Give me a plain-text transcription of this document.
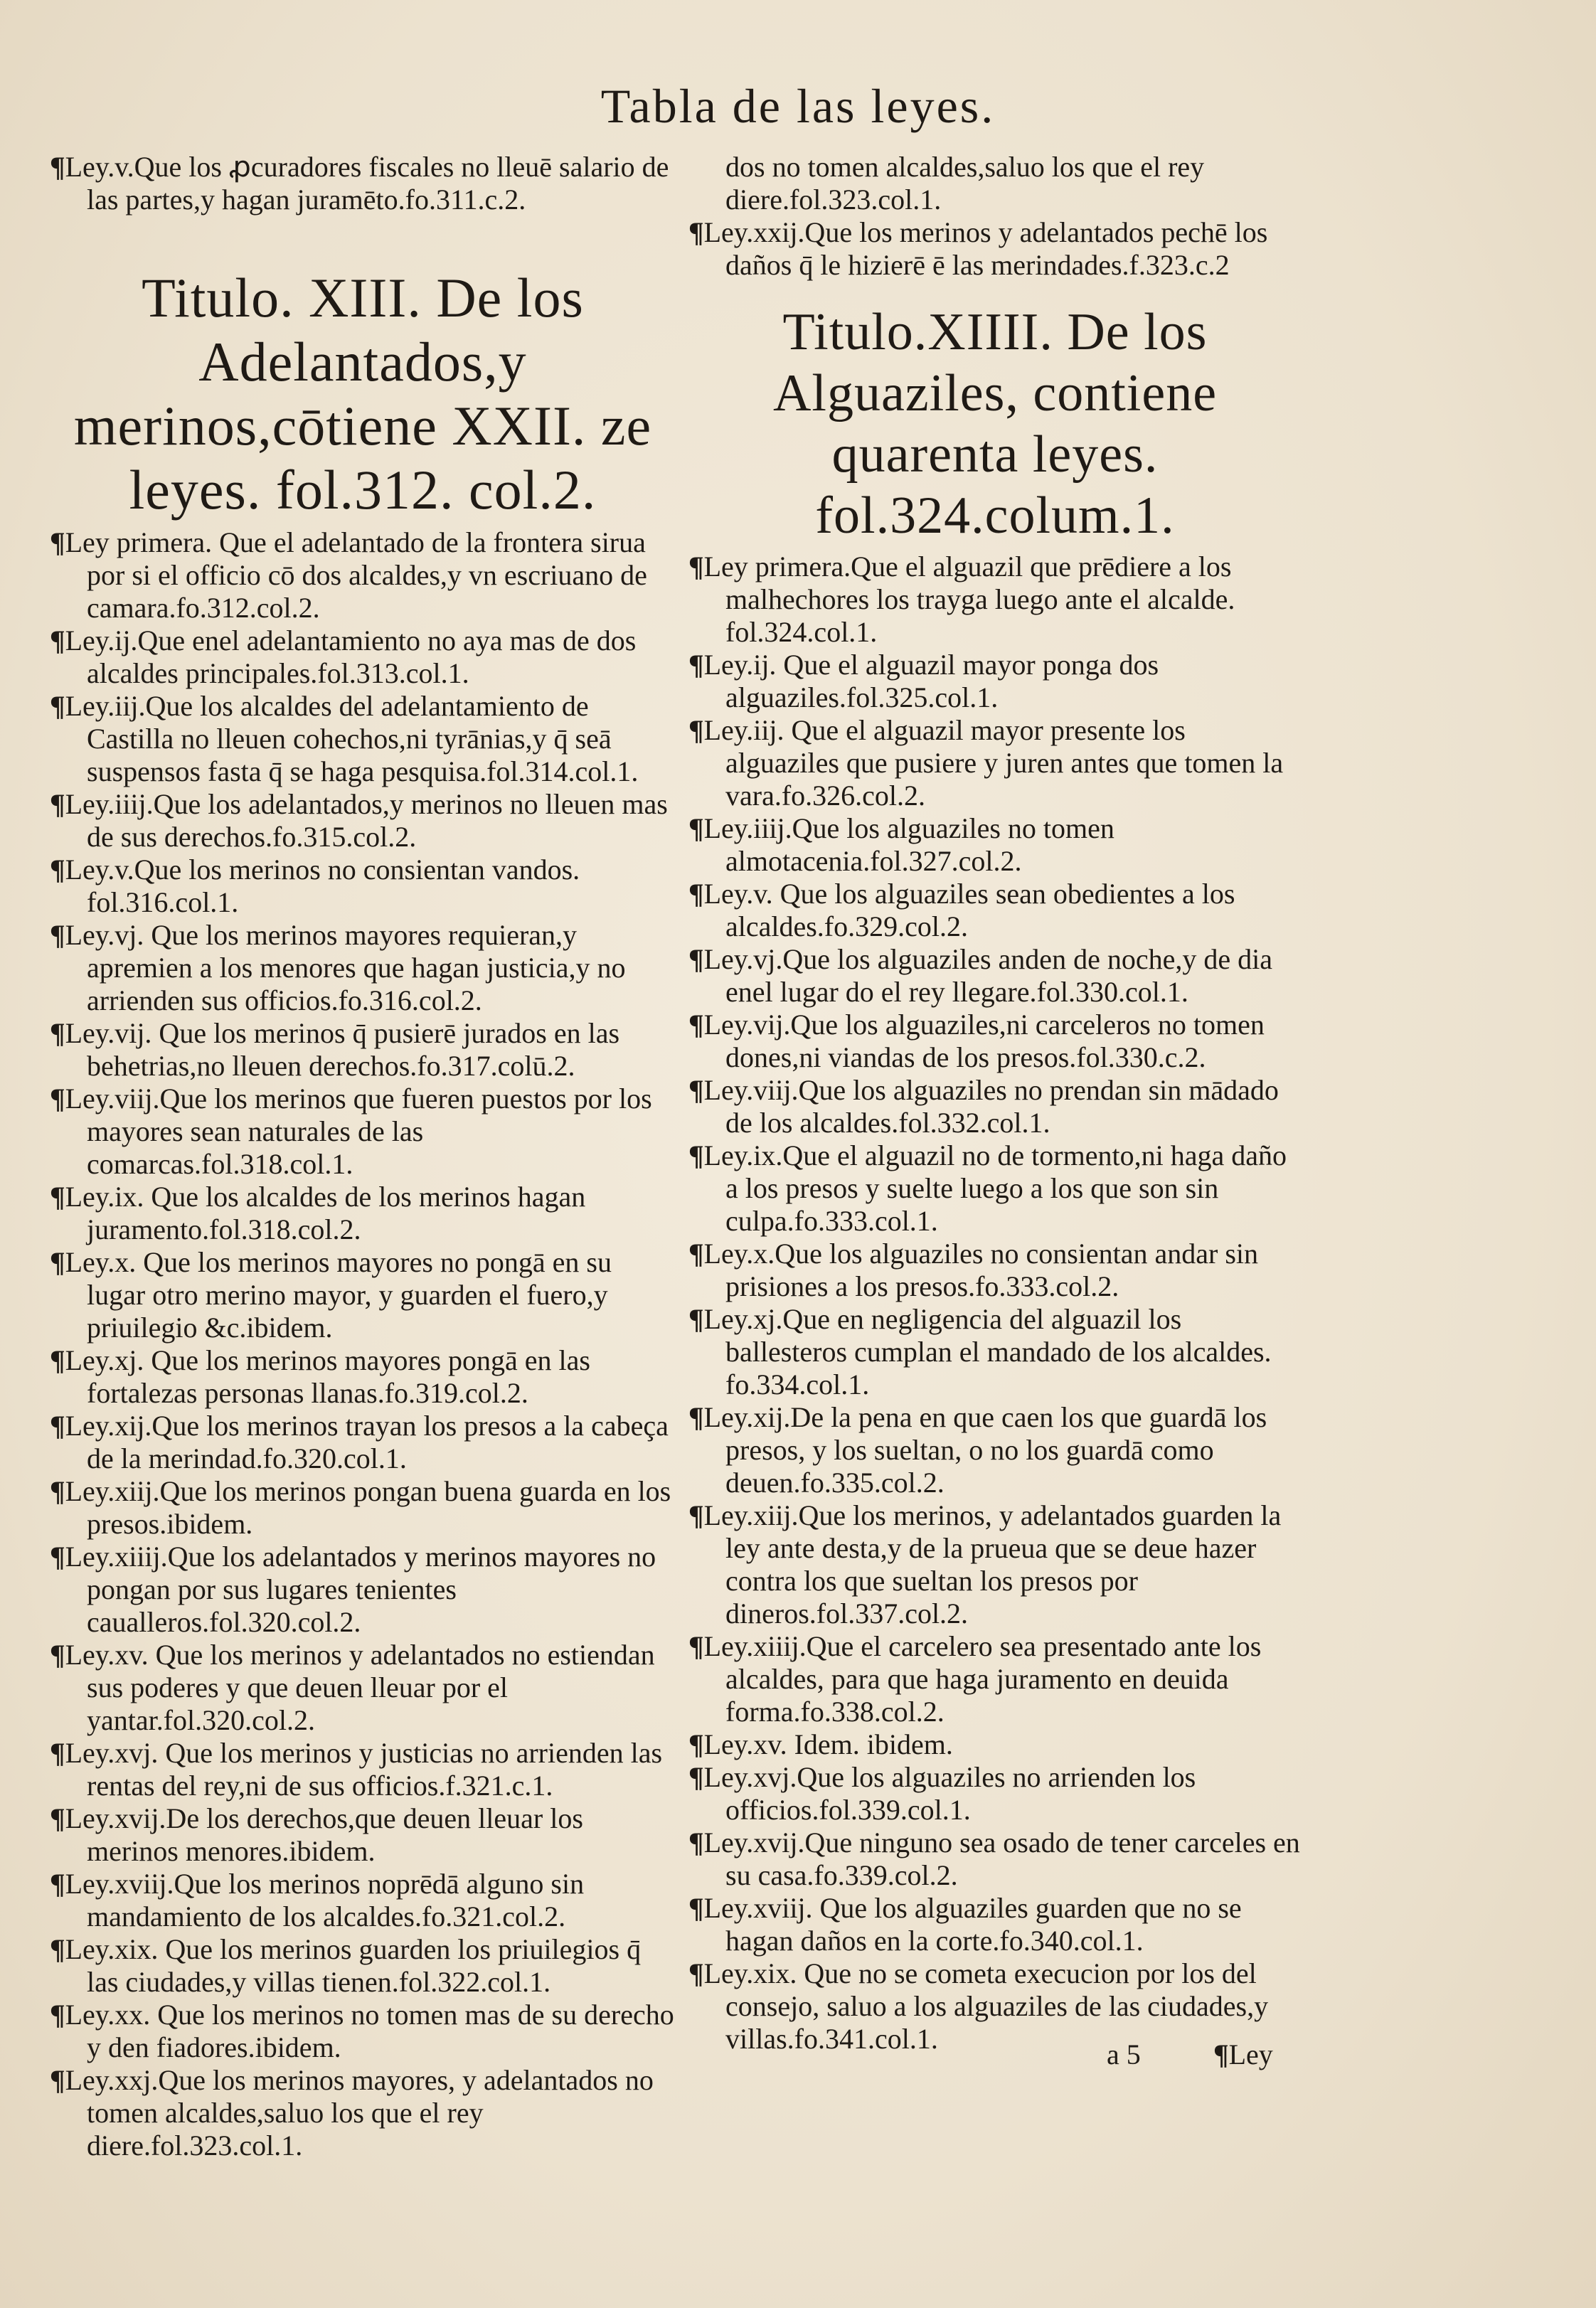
Tabla de las leyes.
¶Ley.v.Que los ꝓcuradores fiscales no lleuē salario de las partes,y hagan juramēto.fo.311.c.2.
Titulo. XIII. De los Adelantados,y merinos,cōtiene XXII. ze leyes. fol.312. col.2.
¶Ley primera. Que el adelantado de la frontera sirua por si el officio cō dos alcaldes,y vn escriuano de camara.fo.312.col.2.
¶Ley.ij.Que enel adelantamiento no aya mas de dos alcaldes principales.fol.313.col.1.
¶Ley.iij.Que los alcaldes del adelantamiento de Castilla no lleuen cohechos,ni tyrānias,y q̄ seā suspensos fasta q̄ se haga pesquisa.fol.314.col.1.
¶Ley.iiij.Que los adelantados,y merinos no lleuen mas de sus derechos.fo.315.col.2.
¶Ley.v.Que los merinos no consientan vandos. fol.316.col.1.
¶Ley.vj. Que los merinos mayores requieran,y apremien a los menores que hagan justicia,y no arrienden sus officios.fo.316.col.2.
¶Ley.vij. Que los merinos q̄ pusierē jurados en las behetrias,no lleuen derechos.fo.317.colū.2.
¶Ley.viij.Que los merinos que fueren puestos por los mayores sean naturales de las comarcas.fol.318.col.1.
¶Ley.ix. Que los alcaldes de los merinos hagan juramento.fol.318.col.2.
¶Ley.x. Que los merinos mayores no pongā en su lugar otro merino mayor, y guarden el fuero,y priuilegio &c.ibidem.
¶Ley.xj. Que los merinos mayores pongā en las fortalezas personas llanas.fo.319.col.2.
¶Ley.xij.Que los merinos trayan los presos a la cabeça de la merindad.fo.320.col.1.
¶Ley.xiij.Que los merinos pongan buena guarda en los presos.ibidem.
¶Ley.xiiij.Que los adelantados y merinos mayores no pongan por sus lugares tenientes caualleros.fol.320.col.2.
¶Ley.xv. Que los merinos y adelantados no estiendan sus poderes y que deuen lleuar por el yantar.fol.320.col.2.
¶Ley.xvj. Que los merinos y justicias no arrienden las rentas del rey,ni de sus officios.f.321.c.1.
¶Ley.xvij.De los derechos,que deuen lleuar los merinos menores.ibidem.
¶Ley.xviij.Que los merinos noprēdā alguno sin mandamiento de los alcaldes.fo.321.col.2.
¶Ley.xix. Que los merinos guarden los priuilegios q̄ las ciudades,y villas tienen.fol.322.col.1.
¶Ley.xx. Que los merinos no tomen mas de su derecho y den fiadores.ibidem.
¶Ley.xxj.Que los merinos mayores, y adelantados no tomen alcaldes,saluo los que el rey diere.fol.323.col.1.
dos no tomen alcaldes,saluo los que el rey diere.fol.323.col.1.
¶Ley.xxij.Que los merinos y adelantados pechē los daños q̄ le hizierē ē las merindades.f.323.c.2
Titulo.XIIII. De los Alguaziles, contiene quarenta leyes. fol.324.colum.1.
¶Ley primera.Que el alguazil que prēdiere a los malhechores los trayga luego ante el alcalde. fol.324.col.1.
¶Ley.ij. Que el alguazil mayor ponga dos alguaziles.fol.325.col.1.
¶Ley.iij. Que el alguazil mayor presente los alguaziles que pusiere y juren antes que tomen la vara.fo.326.col.2.
¶Ley.iiij.Que los alguaziles no tomen almotacenia.fol.327.col.2.
¶Ley.v. Que los alguaziles sean obedientes a los alcaldes.fo.329.col.2.
¶Ley.vj.Que los alguaziles anden de noche,y de dia enel lugar do el rey llegare.fol.330.col.1.
¶Ley.vij.Que los alguaziles,ni carceleros no tomen dones,ni viandas de los presos.fol.330.c.2.
¶Ley.viij.Que los alguaziles no prendan sin mādado de los alcaldes.fol.332.col.1.
¶Ley.ix.Que el alguazil no de tormento,ni haga daño a los presos y suelte luego a los que son sin culpa.fo.333.col.1.
¶Ley.x.Que los alguaziles no consientan andar sin prisiones a los presos.fo.333.col.2.
¶Ley.xj.Que en negligencia del alguazil los ballesteros cumplan el mandado de los alcaldes. fo.334.col.1.
¶Ley.xij.De la pena en que caen los que guardā los presos, y los sueltan, o no los guardā como deuen.fo.335.col.2.
¶Ley.xiij.Que los merinos, y adelantados guarden la ley ante desta,y de la prueua que se deue hazer contra los que sueltan los presos por dineros.fol.337.col.2.
¶Ley.xiiij.Que el carcelero sea presentado ante los alcaldes, para que haga juramento en deuida forma.fo.338.col.2.
¶Ley.xv. Idem. ibidem.
¶Ley.xvj.Que los alguaziles no arrienden los officios.fol.339.col.1.
¶Ley.xvij.Que ninguno sea osado de tener carceles en su casa.fo.339.col.2.
¶Ley.xviij. Que los alguaziles guarden que no se hagan daños en la corte.fo.340.col.1.
¶Ley.xix. Que no se cometa execucion por los del consejo, saluo a los alguaziles de las ciudades,y villas.fo.341.col.1.	a 5	¶Ley
